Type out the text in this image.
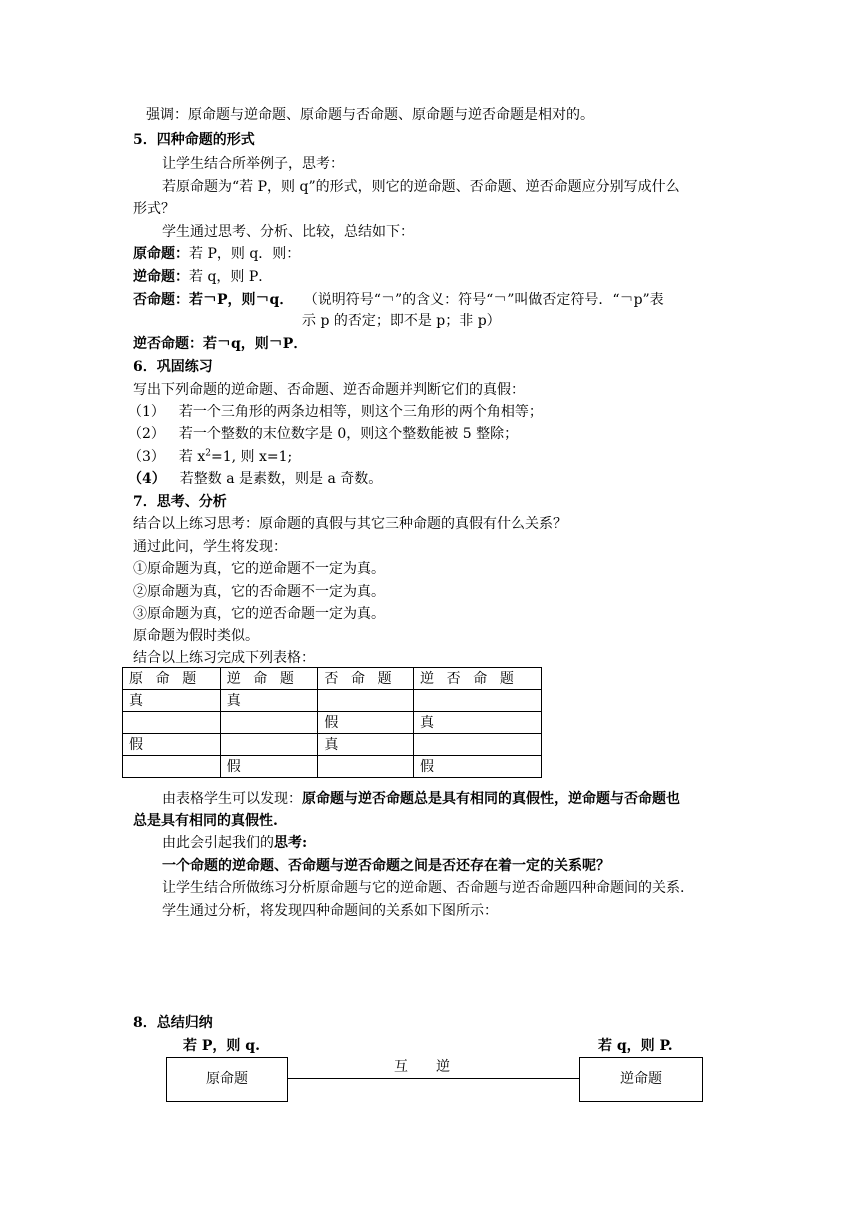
强调：原命题与逆命题、原命题与否命题、原命题与逆否命题是相对的。
5．四种命题的形式
让学生结合所举例子，思考：
若原命题为“若 P，则 q”的形式，则它的逆命题、否命题、逆否命题应分别写成什么
形式？
学生通过思考、分析、比较，总结如下：
原命题：若 P，则 q．则：
逆命题：若 q，则 P．
否命题：若￢P，则￢q． （说明符号“￢”的含义：符号“￢”叫做否定符号．“￢p”表
示 p 的否定；即不是 p；非 p）
逆否命题：若￢q，则￢P．
6．巩固练习
写出下列命题的逆命题、否命题、逆否命题并判断它们的真假：
（1） 若一个三角形的两条边相等，则这个三角形的两个角相等；
（2） 若一个整数的末位数字是 0，则这个整数能被 5 整除；
（3） 若 $x^2=1$, 则 x=1;
（4） 若整数 a 是素数，则是 a 奇数。
7．思考、分析
结合以上练习思考：原命题的真假与其它三种命题的真假有什么关系？
通过此问，学生将发现：
①原命题为真，它的逆命题不一定为真。
②原命题为真，它的否命题不一定为真。
③原命题为真，它的逆否命题一定为真。
原命题为假时类似。
结合以上练习完成下列表格：
原命题	逆命题	否命题	逆否命题
真	真		
		假	真
假		真	
	假		假
由表格学生可以发现：原命题与逆否命题总是具有相同的真假性，逆命题与否命题也
总是具有相同的真假性.
由此会引起我们的思考:
一个命题的逆命题、否命题与逆否命题之间是否还存在着一定的关系呢？
让学生结合所做练习分析原命题与它的逆命题、否命题与逆否命题四种命题间的关系.
学生通过分析，将发现四种命题间的关系如下图所示：
8．总结归纳
若 P，则 q.	若 q，则 P.
原命题	逆命题
互　　逆
